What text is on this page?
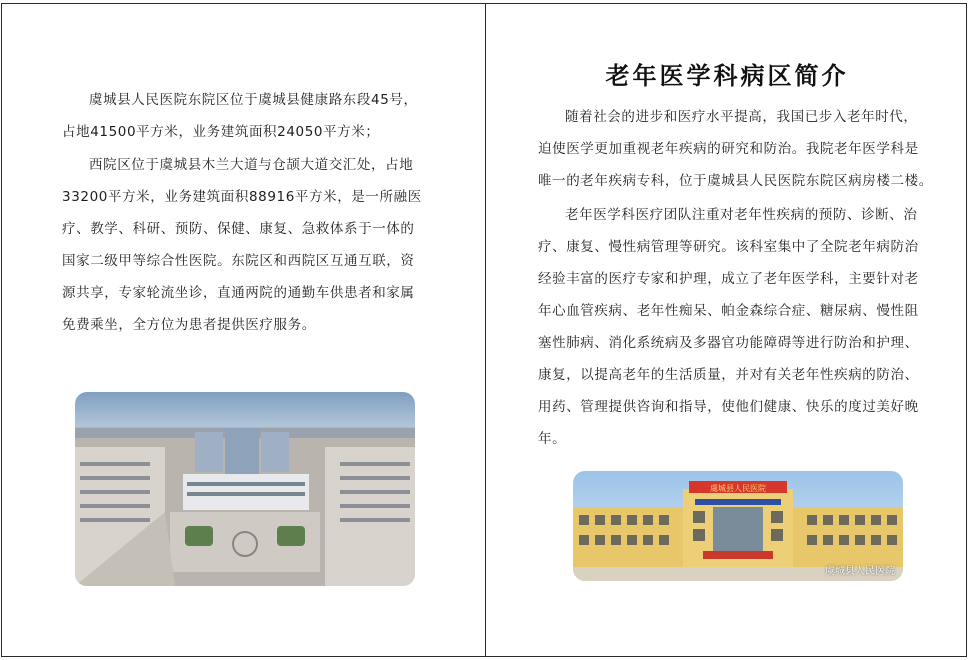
虞城县人民医院东院区位于虞城县健康路东段45号，
占地41500平方米，业务建筑面积24050平方米；
西院区位于虞城县木兰大道与仓颉大道交汇处，占地
33200平方米，业务建筑面积88916平方米，是一所融医
疗、教学、科研、预防、保健、康复、急救体系于一体的
国家二级甲等综合性医院。东院区和西院区互通互联，资
源共享，专家轮流坐诊，直通两院的通勤车供患者和家属
免费乘坐，全方位为患者提供医疗服务。
老年医学科病区简介
随着社会的进步和医疗水平提高，我国已步入老年时代，
迫使医学更加重视老年疾病的研究和防治。我院老年医学科是
唯一的老年疾病专科，位于虞城县人民医院东院区病房楼二楼。
老年医学科医疗团队注重对老年性疾病的预防、诊断、治
疗、康复、慢性病管理等研究。该科室集中了全院老年病防治
经验丰富的医疗专家和护理，成立了老年医学科，主要针对老
年心血管疾病、老年性痴呆、帕金森综合症、糖尿病、慢性阻
塞性肺病、消化系统病及多器官功能障碍等进行防治和护理、
康复，以提高老年的生活质量，并对有关老年性疾病的防治、
用药、管理提供咨询和指导，使他们健康、快乐的度过美好晚
年。
虞城县人民医院
虞城县人民医院
